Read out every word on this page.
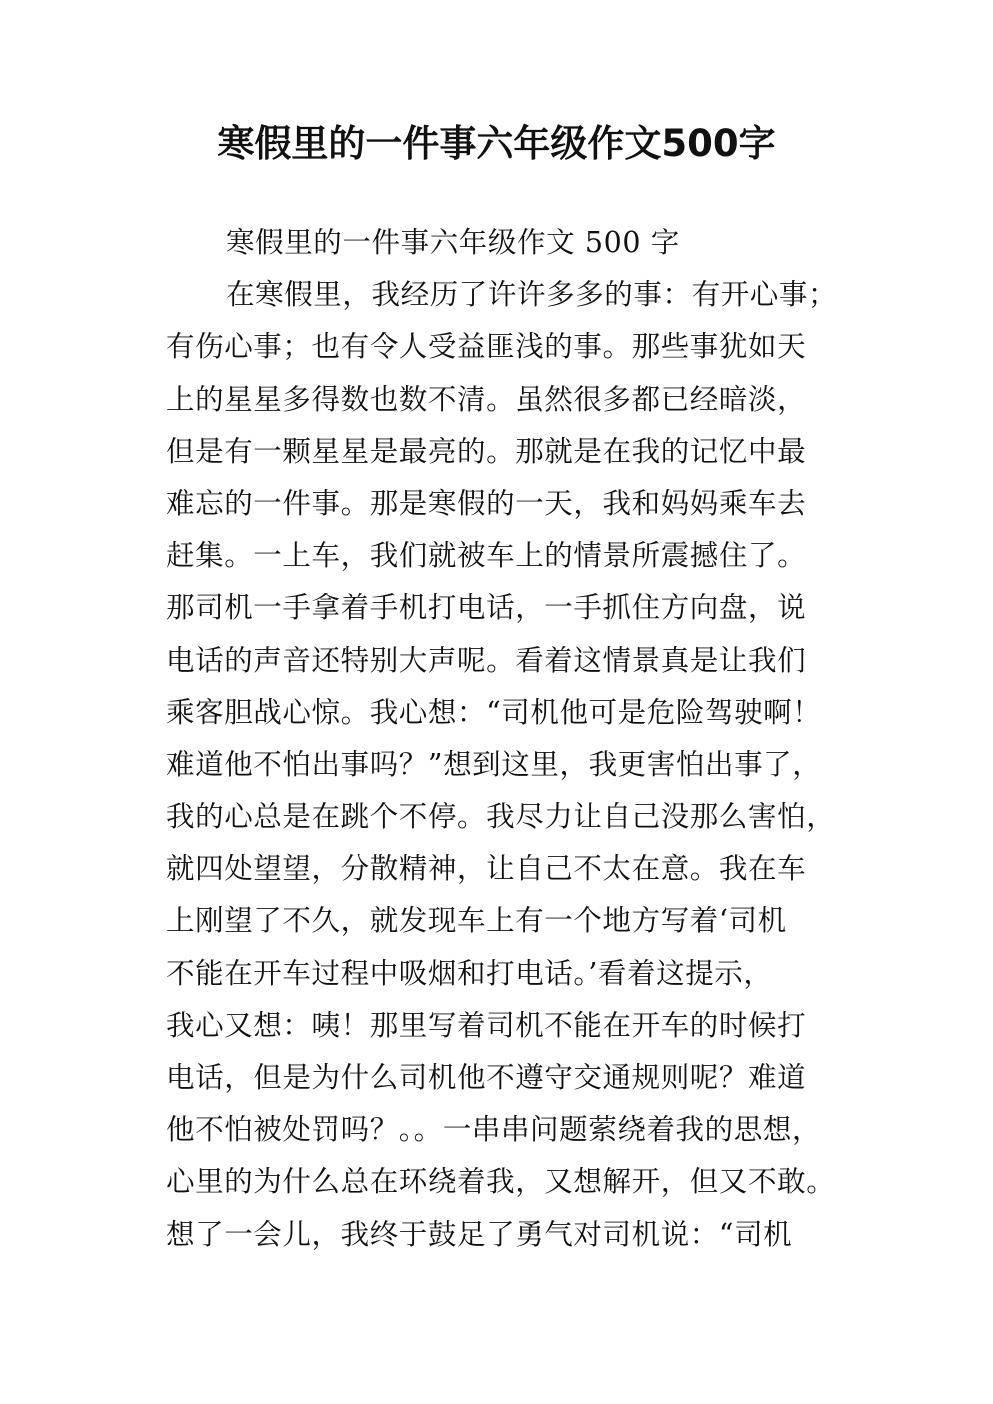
寒假里的一件事六年级作文500字
寒假里的一件事六年级作文 500 字
在寒假里，我经历了许许多多的事：有开心事；
有伤心事；也有令人受益匪浅的事。那些事犹如天
上的星星多得数也数不清。虽然很多都已经暗淡，
但是有一颗星星是最亮的。那就是在我的记忆中最
难忘的一件事。那是寒假的一天，我和妈妈乘车去
赶集。一上车，我们就被车上的情景所震撼住了。
那司机一手拿着手机打电话，一手抓住方向盘，说
电话的声音还特别大声呢。看着这情景真是让我们
乘客胆战心惊。我心想：“司机他可是危险驾驶啊！
难道他不怕出事吗？”想到这里，我更害怕出事了，
我的心总是在跳个不停。我尽力让自己没那么害怕，
就四处望望，分散精神，让自己不太在意。我在车
上刚望了不久，就发现车上有一个地方写着‘司机
不能在开车过程中吸烟和打电话。’看着这提示，
我心又想：咦！那里写着司机不能在开车的时候打
电话，但是为什么司机他不遵守交通规则呢？难道
他不怕被处罚吗？。。一串串问题萦绕着我的思想，
心里的为什么总在环绕着我，又想解开，但又不敢。
想了一会儿，我终于鼓足了勇气对司机说：“司机
